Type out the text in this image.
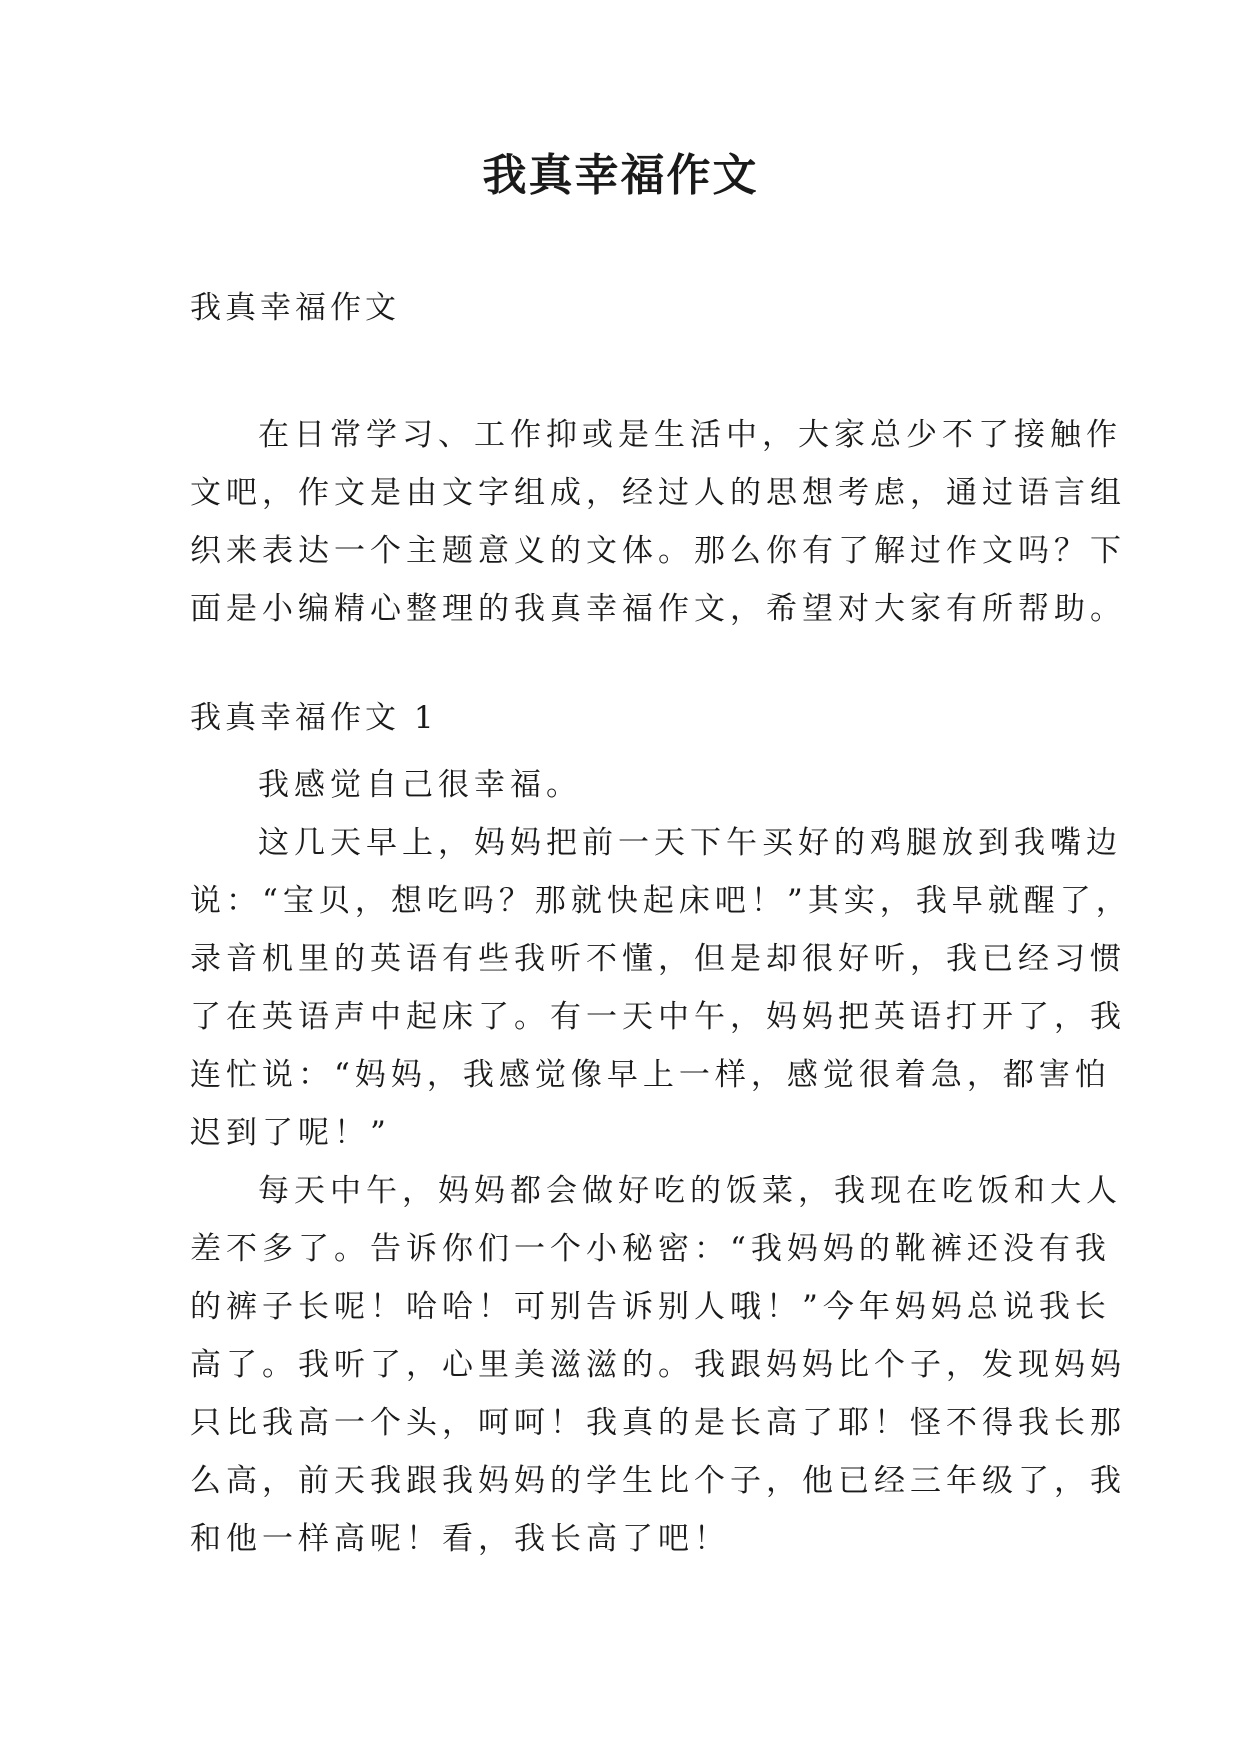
我真幸福作文
我真幸福作文
在日常学习、工作抑或是生活中，大家总少不了接触作
文吧，作文是由文字组成，经过人的思想考虑，通过语言组
织来表达一个主题意义的文体。那么你有了解过作文吗？下
面是小编精心整理的我真幸福作文，希望对大家有所帮助。
我真幸福作文 1

我感觉自己很幸福。

这几天早上，妈妈把前一天下午买好的鸡腿放到我嘴边
说：“宝贝，想吃吗？那就快起床吧！”其实，我早就醒了，
录音机里的英语有些我听不懂，但是却很好听，我已经习惯
了在英语声中起床了。有一天中午，妈妈把英语打开了，我
连忙说：“妈妈，我感觉像早上一样，感觉很着急，都害怕
迟到了呢！”

每天中午，妈妈都会做好吃的饭菜，我现在吃饭和大人
差不多了。告诉你们一个小秘密：“我妈妈的靴裤还没有我
的裤子长呢！哈哈！可别告诉别人哦！”今年妈妈总说我长
高了。我听了，心里美滋滋的。我跟妈妈比个子，发现妈妈
只比我高一个头，呵呵！我真的是长高了耶！怪不得我长那
么高，前天我跟我妈妈的学生比个子，他已经三年级了，我
和他一样高呢！看，我长高了吧！
